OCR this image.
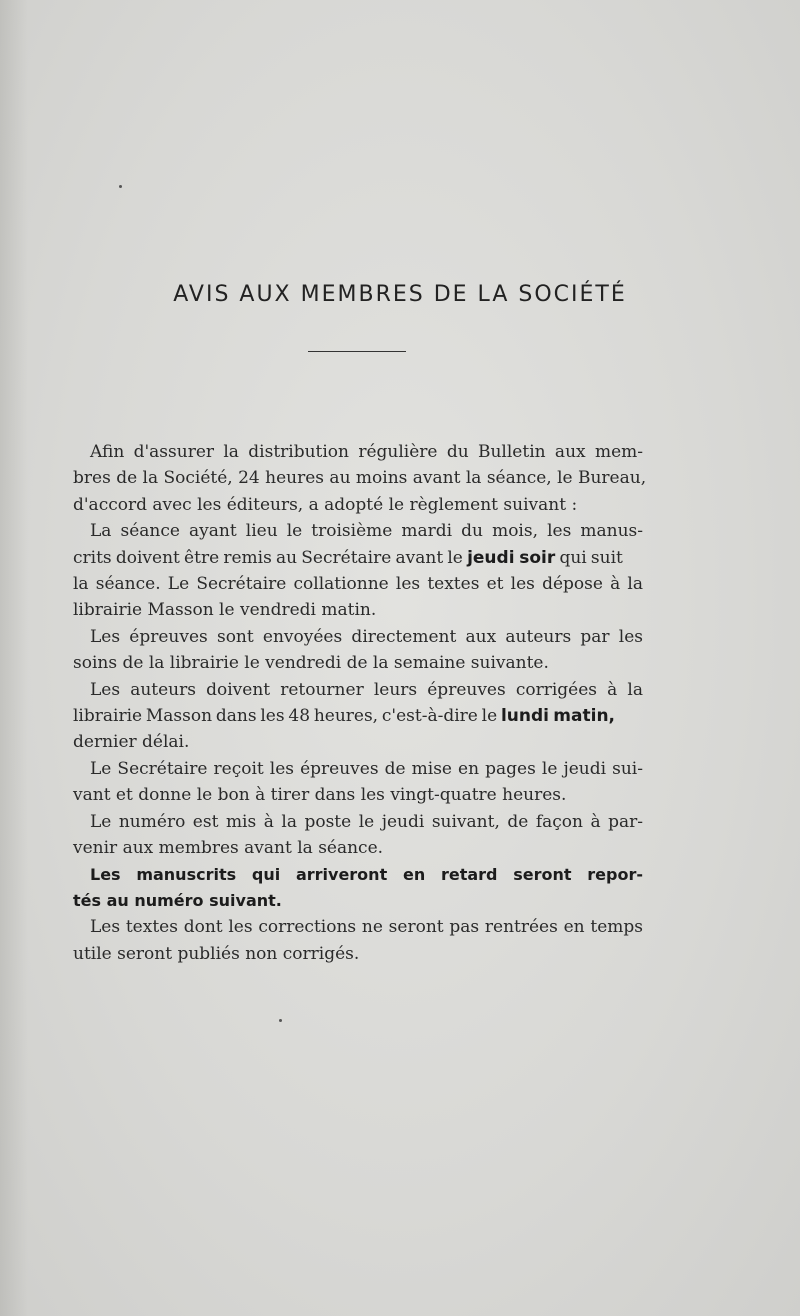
AVIS AUX MEMBRES DE LA SOCIÉTÉ

Afin d'assurer la distribution régulière du Bulletin aux mem-
bres de la Société, 24 heures au moins avant la séance, le Bureau,
d'accord avec les éditeurs, a adopté le règlement suivant :

La séance ayant lieu le troisième mardi du mois, les manus-
crits doivent être remis au Secrétaire avant le jeudi soir qui suit
la séance. Le Secrétaire collationne les textes et les dépose à la
librairie Masson le vendredi matin.

Les épreuves sont envoyées directement aux auteurs par les
soins de la librairie le vendredi de la semaine suivante.

Les auteurs doivent retourner leurs épreuves corrigées à la
librairie Masson dans les 48 heures, c'est-à-dire le lundi matin,
dernier délai.

Le Secrétaire reçoit les épreuves de mise en pages le jeudi sui-
vant et donne le bon à tirer dans les vingt-quatre heures.

Le numéro est mis à la poste le jeudi suivant, de façon à par-
venir aux membres avant la séance.

Les manuscrits qui arriveront en retard seront repor-
tés au numéro suivant.

Les textes dont les corrections ne seront pas rentrées en temps
utile seront publiés non corrigés.
